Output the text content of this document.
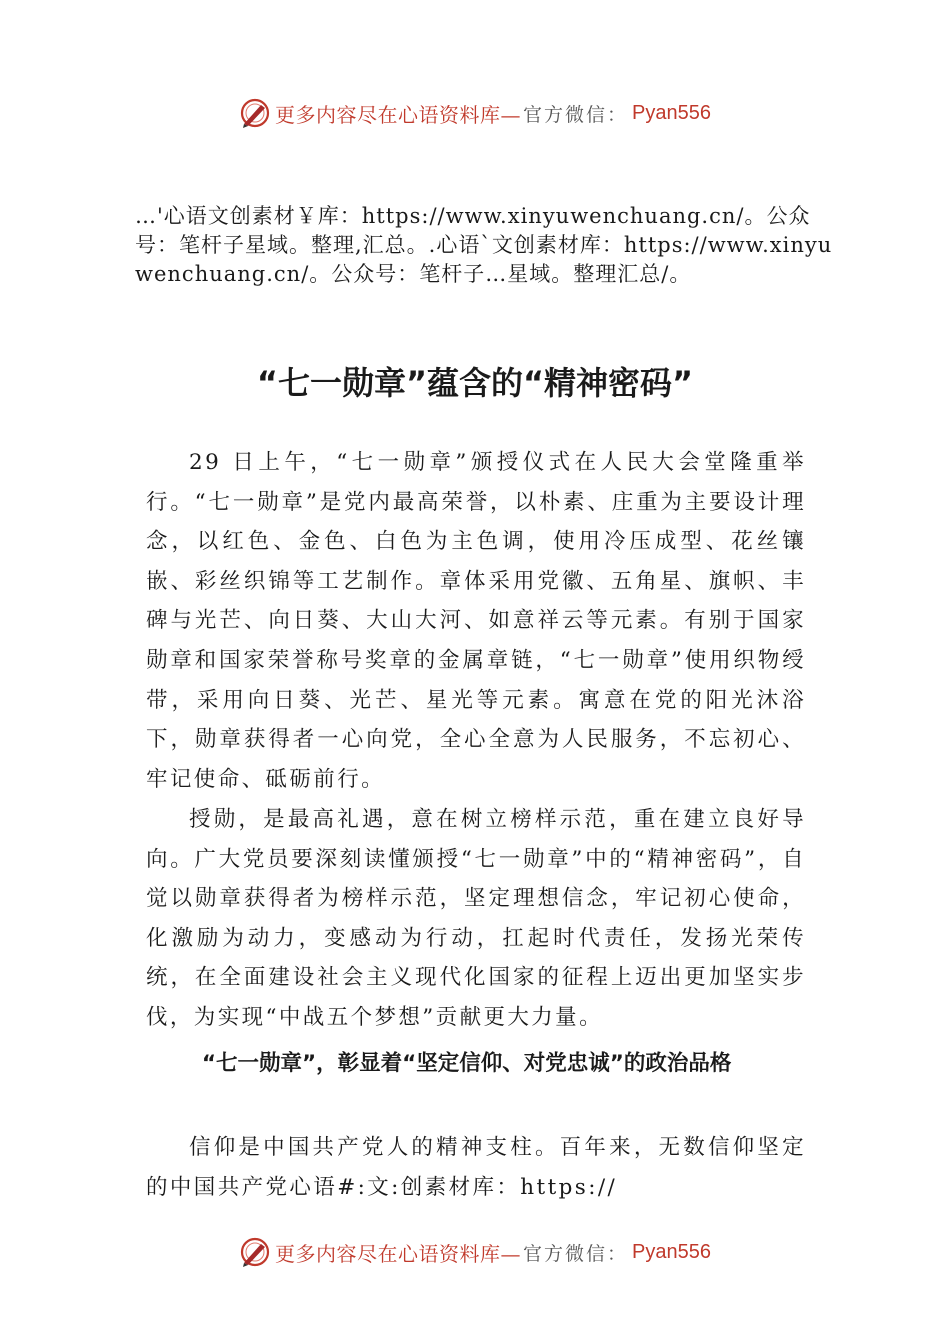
更多内容尽在心语资料库— 官方微信： Pyan556

…'心语文创素材￥库：https://www.xinyuwenchuang.cn/。公众号：笔杆子星域。整理,汇总。.心语`文创素材库：https://www.xinyuwenchuang.cn/。公众号：笔杆子…星域。整理汇总/。

“七一勋章”蕴含的“精神密码”

29 日上午，“七一勋章”颁授仪式在人民大会堂隆重举行。“七一勋章”是党内最高荣誉，以朴素、庄重为主要设计理念，以红色、金色、白色为主色调，使用冷压成型、花丝镶嵌、彩丝织锦等工艺制作。章体采用党徽、五角星、旗帜、丰碑与光芒、向日葵、大山大河、如意祥云等元素。有别于国家勋章和国家荣誉称号奖章的金属章链，“七一勋章”使用织物绶带，采用向日葵、光芒、星光等元素。寓意在党的阳光沐浴下，勋章获得者一心向党，全心全意为人民服务，不忘初心、牢记使命、砥砺前行。

授勋，是最高礼遇，意在树立榜样示范，重在建立良好导向。广大党员要深刻读懂颁授“七一勋章”中的“精神密码”，自觉以勋章获得者为榜样示范，坚定理想信念，牢记初心使命，化激励为动力，变感动为行动，扛起时代责任，发扬光荣传统，在全面建设社会主义现代化国家的征程上迈出更加坚实步伐，为实现“中战五个梦想”贡献更大力量。

“七一勋章”，彰显着“坚定信仰、对党忠诚”的政治品格

信仰是中国共产党人的精神支柱。百年来，无数信仰坚定的中国共产党心语#:文:创素材库：https://

更多内容尽在心语资料库— 官方微信： Pyan556
